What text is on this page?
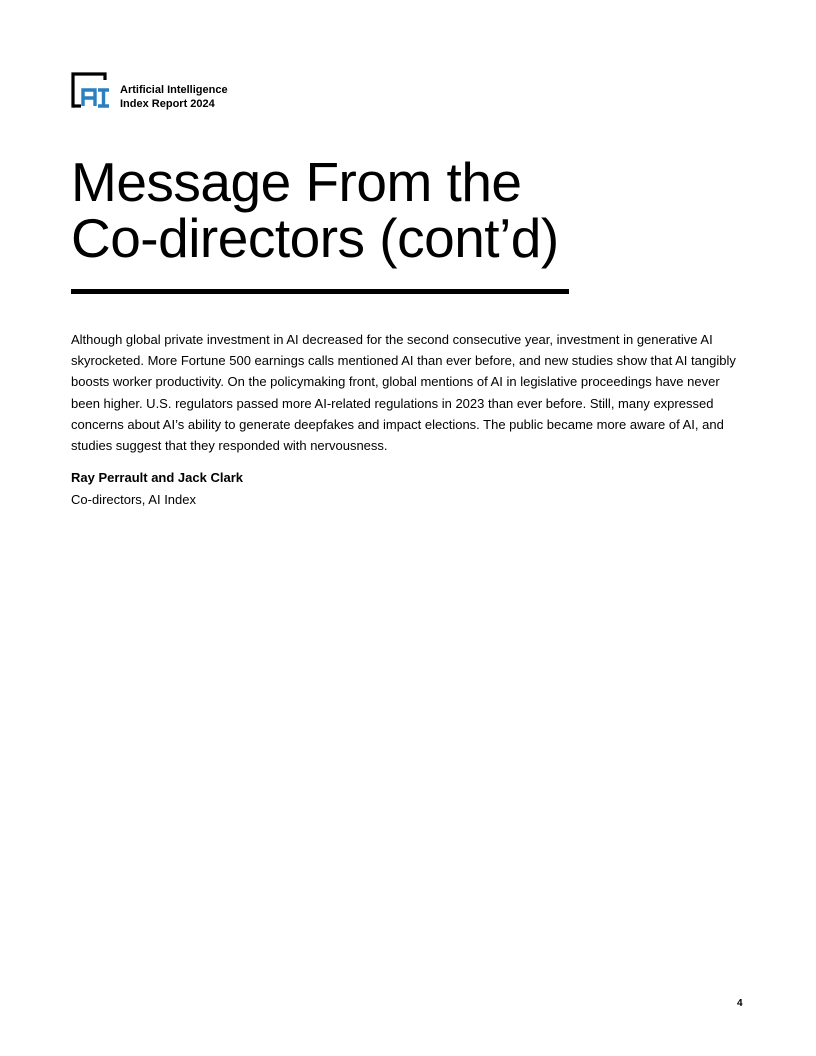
Artificial Intelligence
Index Report 2024
Message From the
Co-directors (cont’d)

Although global private investment in AI decreased for the second consecutive year, investment in generative AI skyrocketed. More Fortune 500 earnings calls mentioned AI than ever before, and new studies show that AI tangibly boosts worker productivity. On the policymaking front, global mentions of AI in legislative proceedings have never been higher. U.S. regulators passed more AI-related regulations in 2023 than ever before. Still, many expressed concerns about AI’s ability to generate deepfakes and impact elections. The public became more aware of AI, and studies suggest that they responded with nervousness.

Ray Perrault and Jack Clark
Co-directors, AI Index
4
